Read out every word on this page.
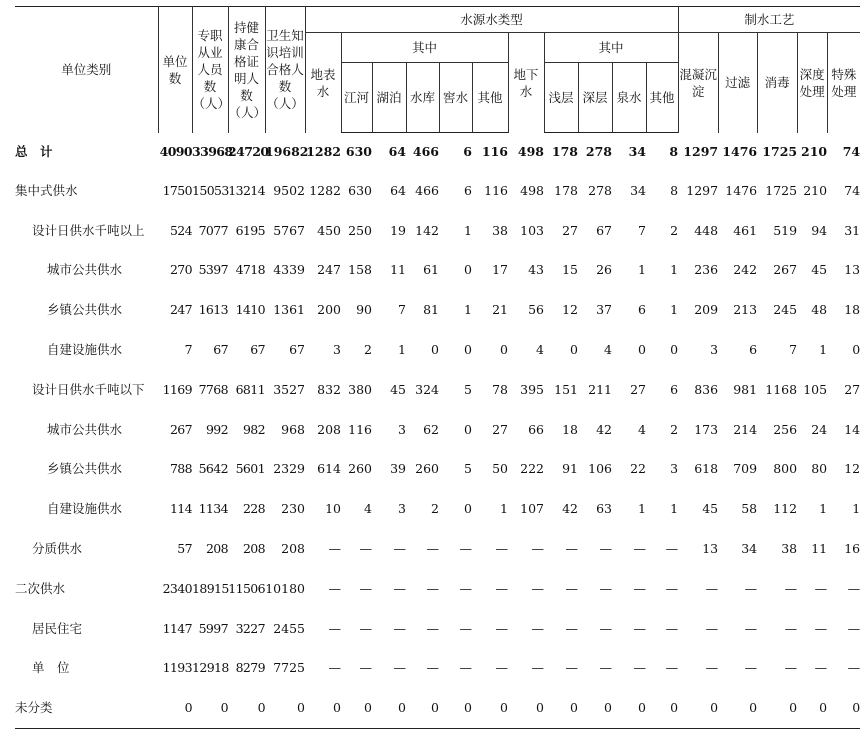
单位类别	单位数	专职从业人员数（人）	持健康合格证明人数（人）	卫生知识培训合格人数（人）	水源水类型											制水工艺				
					地表水	其中					地下水	其中				混凝沉淀	过滤	消毒	深度处理	特殊处理
						江河	湖泊	水库	窖水	其他		浅层	深层	泉水	其他					
总　计	4090	33968	24720	19682	1282	630	64	466	6	116	498	178	278	34	8	1297	1476	1725	210	74
集中式供水	1750	15053	13214	9502	1282	630	64	466	6	116	498	178	278	34	8	1297	1476	1725	210	74
设计日供水千吨以上	524	7077	6195	5767	450	250	19	142	1	38	103	27	67	7	2	448	461	519	94	31
城市公共供水	270	5397	4718	4339	247	158	11	61	0	17	43	15	26	1	1	236	242	267	45	13
乡镇公共供水	247	1613	1410	1361	200	90	7	81	1	21	56	12	37	6	1	209	213	245	48	18
自建设施供水	7	67	67	67	3	2	1	0	0	0	4	0	4	0	0	3	6	7	1	0
设计日供水千吨以下	1169	7768	6811	3527	832	380	45	324	5	78	395	151	211	27	6	836	981	1168	105	27
城市公共供水	267	992	982	968	208	116	3	62	0	27	66	18	42	4	2	173	214	256	24	14
乡镇公共供水	788	5642	5601	2329	614	260	39	260	5	50	222	91	106	22	3	618	709	800	80	12
自建设施供水	114	1134	228	230	10	4	3	2	0	1	107	42	63	1	1	45	58	112	1	1
分质供水	57	208	208	208	—	—	—	—	—	—	—	—	—	—	—	13	34	38	11	16
二次供水	2340	18915	11506	10180	—	—	—	—	—	—	—	—	—	—	—	—	—	—	—	—
居民住宅	1147	5997	3227	2455	—	—	—	—	—	—	—	—	—	—	—	—	—	—	—	—
单　位	1193	12918	8279	7725	—	—	—	—	—	—	—	—	—	—	—	—	—	—	—	—
未分类	0	0	0	0	0	0	0	0	0	0	0	0	0	0	0	0	0	0	0	0
